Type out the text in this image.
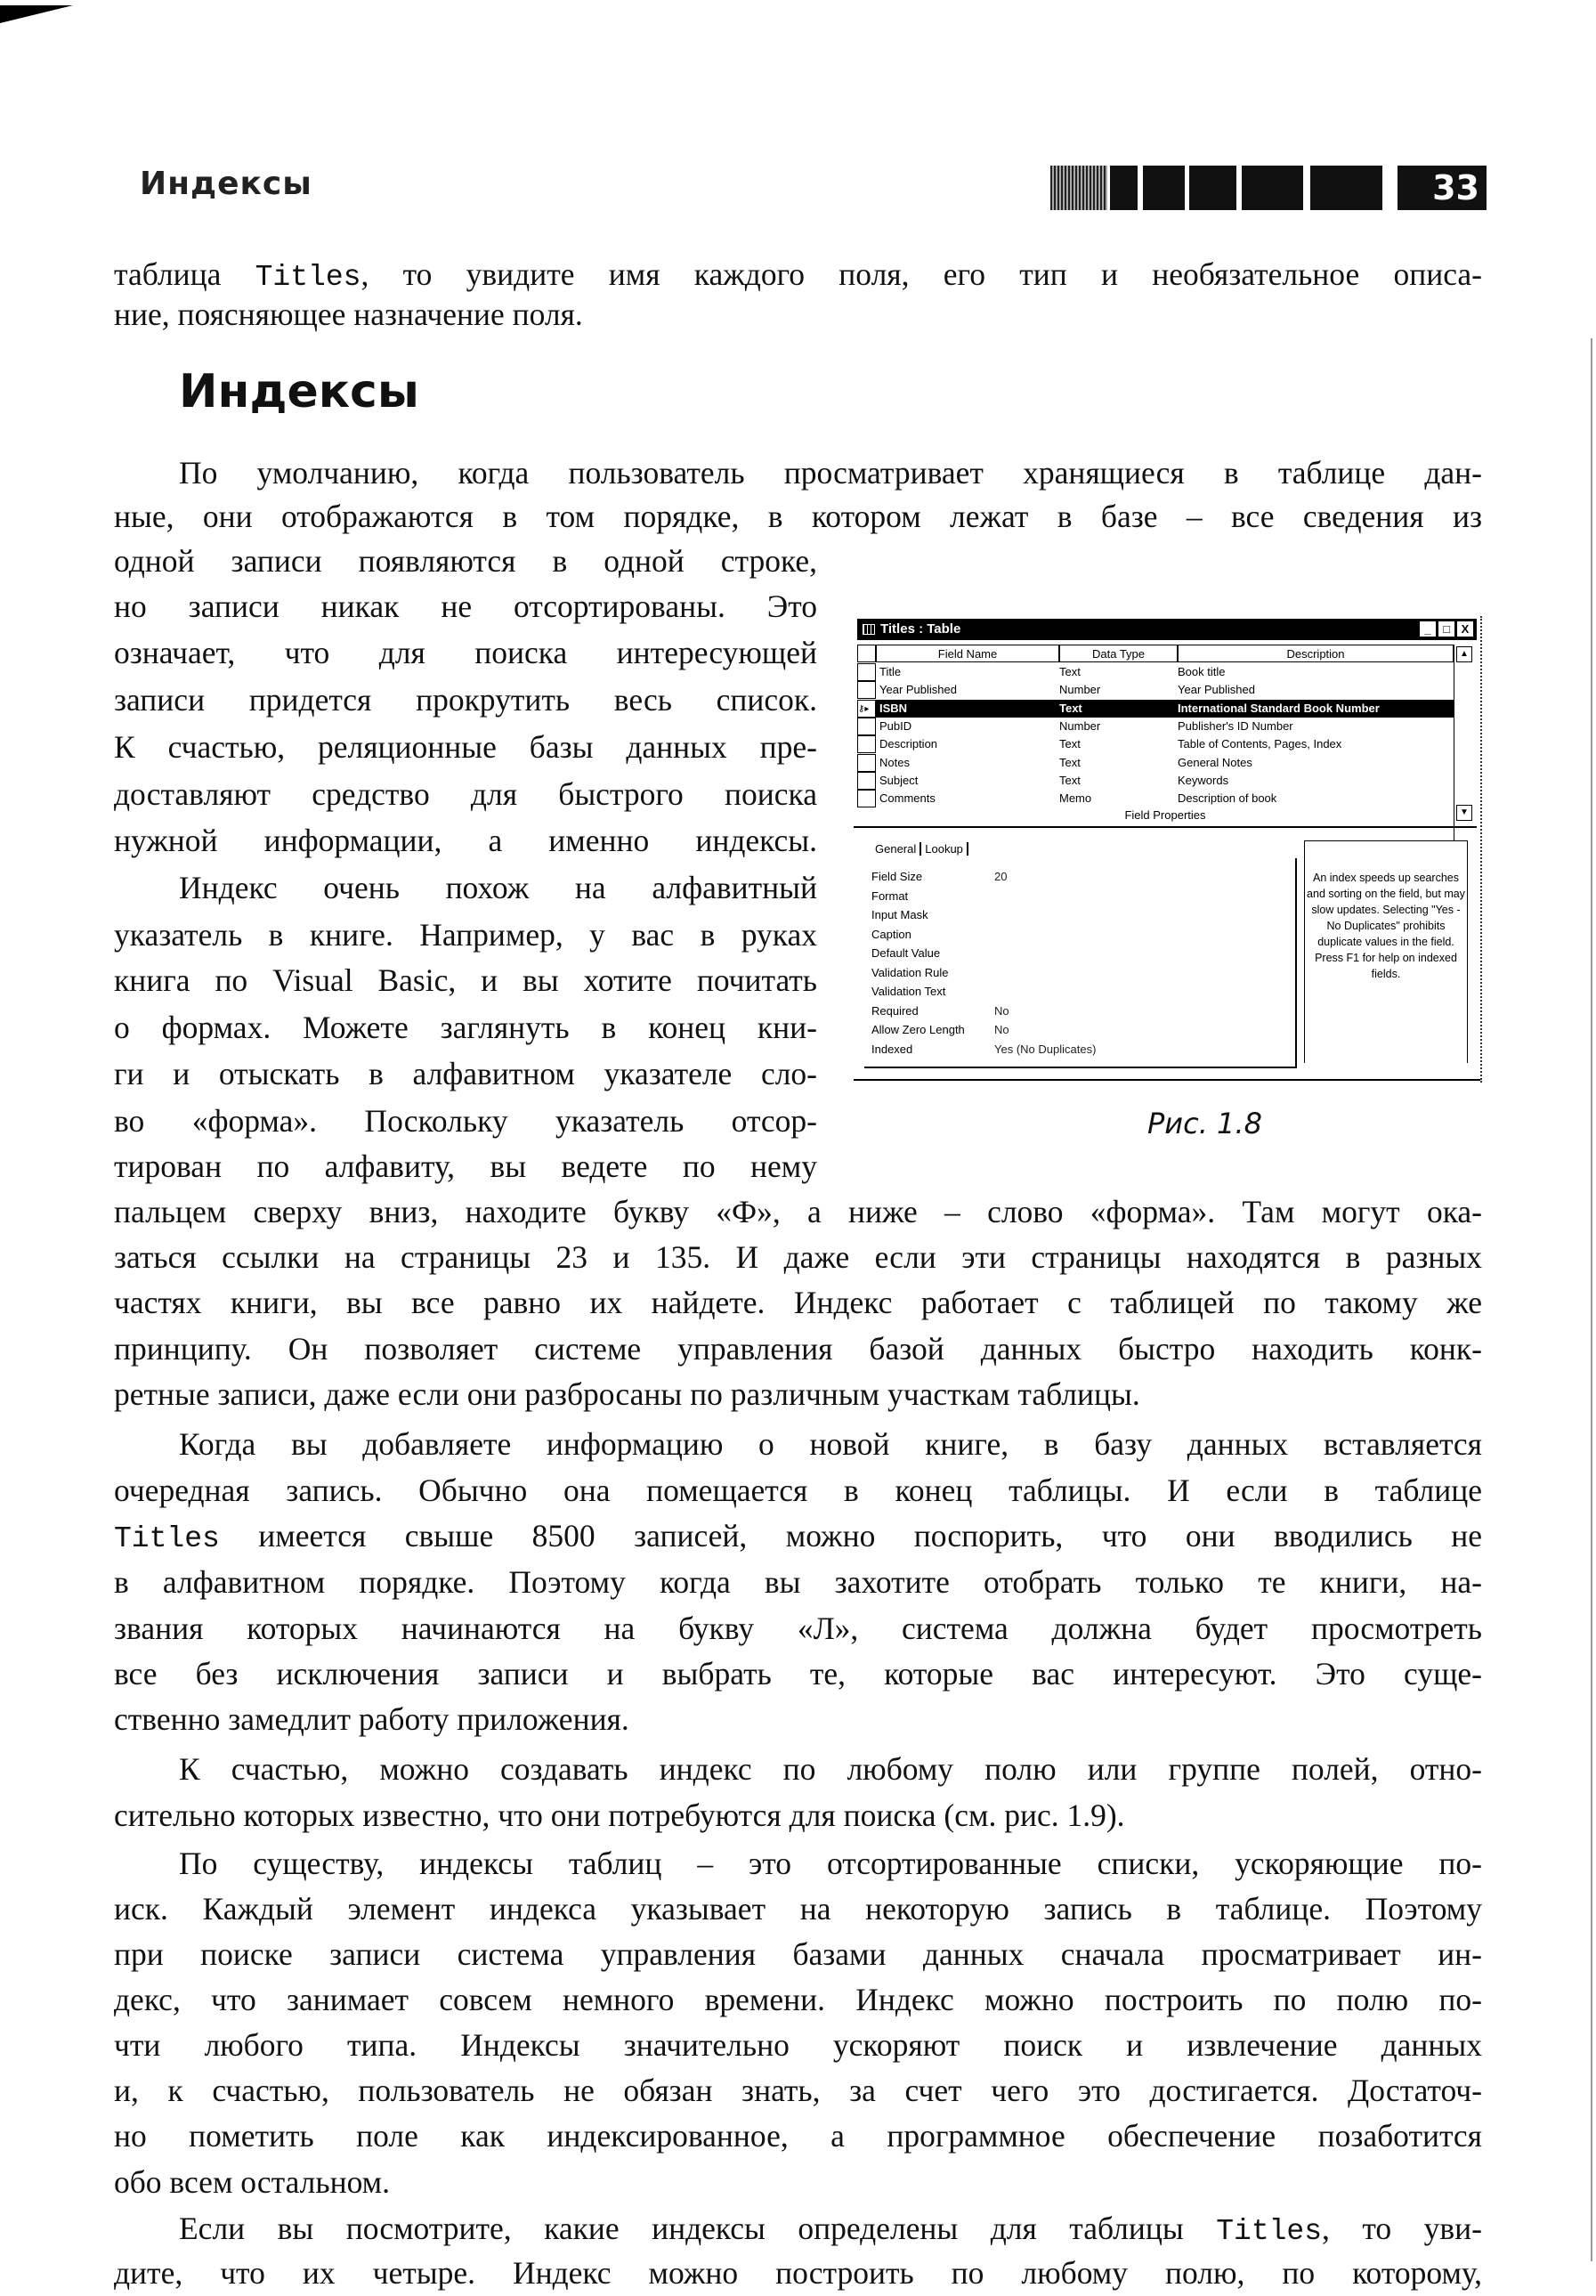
Индексы	33
Индексы
таблица Titles, то увидите имя каждого поля, его тип и необязательное описа-
ние, поясняющее назначение поля.
По умолчанию, когда пользователь просматривает хранящиеся в таблице дан-
ные, они отображаются в том порядке, в котором лежат в базе – все сведения из
одной записи появляются в одной строке,
но записи никак не отсортированы. Это
означает, что для поиска интересующей
записи придется прокрутить весь список.
К счастью, реляционные базы данных пре-
доставляют средство для быстрого поиска
нужной информации, а именно индексы.
Индекс очень похож на алфавитный
указатель в книге. Например, у вас в руках
книга по Visual Basic, и вы хотите почитать
о формах. Можете заглянуть в конец кни-
ги и отыскать в алфавитном указателе сло-
во «форма». Поскольку указатель отсор-
тирован по алфавиту, вы ведете по нему
пальцем сверху вниз, находите букву «Ф», а ниже – слово «форма». Там могут ока-
заться ссылки на страницы 23 и 135. И даже если эти страницы находятся в разных
частях книги, вы все равно их найдете. Индекс работает с таблицей по такому же
принципу. Он позволяет системе управления базой данных быстро находить конк-
ретные записи, даже если они разбросаны по различным участкам таблицы.
Когда вы добавляете информацию о новой книге, в базу данных вставляется
очередная запись. Обычно она помещается в конец таблицы. И если в таблице
Titles имеется свыше 8500 записей, можно поспорить, что они вводились не
в алфавитном порядке. Поэтому когда вы захотите отобрать только те книги, на-
звания которых начинаются на букву «Л», система должна будет просмотреть
все без исключения записи и выбрать те, которые вас интересуют. Это суще-
ственно замедлит работу приложения.
К счастью, можно создавать индекс по любому полю или группе полей, отно-
сительно которых известно, что они потребуются для поиска (см. рис. 1.9).
По существу, индексы таблиц – это отсортированные списки, ускоряющие по-
иск. Каждый элемент индекса указывает на некоторую запись в таблице. Поэтому
при поиске записи система управления базами данных сначала просматривает ин-
декс, что занимает совсем немного времени. Индекс можно построить по полю по-
чти любого типа. Индексы значительно ускоряют поиск и извлечение данных
и, к счастью, пользователь не обязан знать, за счет чего это достигается. Достаточ-
но пометить поле как индексированное, а программное обеспечение позаботится
обо всем остальном.
Если вы посмотрите, какие индексы определены для таблицы Titles, то уви-
дите, что их четыре. Индекс можно построить по любому полю, по которому,
Titles : Table	_	□ X
Field Name	Data Type	Description	▲
▼
Title	Text	Book title
Year Published	Number	Year Published
⚷▸ ISBN	Text	International Standard Book Number
PubID	Number	Publisher's ID Number
Description	Text	Table of Contents, Pages, Index
Notes	Text	General Notes
Subject	Text	Keywords
Comments	Memo	Description of book
Field Properties
General Lookup
Field Size	20
Format
Input Mask
Caption
Default Value
Validation Rule
Validation Text
Required	No
Allow Zero Length	No
Indexed	Yes (No Duplicates)
An index speeds up searches and sorting on the field, but may slow updates. Selecting "Yes - No Duplicates" prohibits duplicate values in the field. Press F1 for help on indexed fields.
Рис. 1.8
